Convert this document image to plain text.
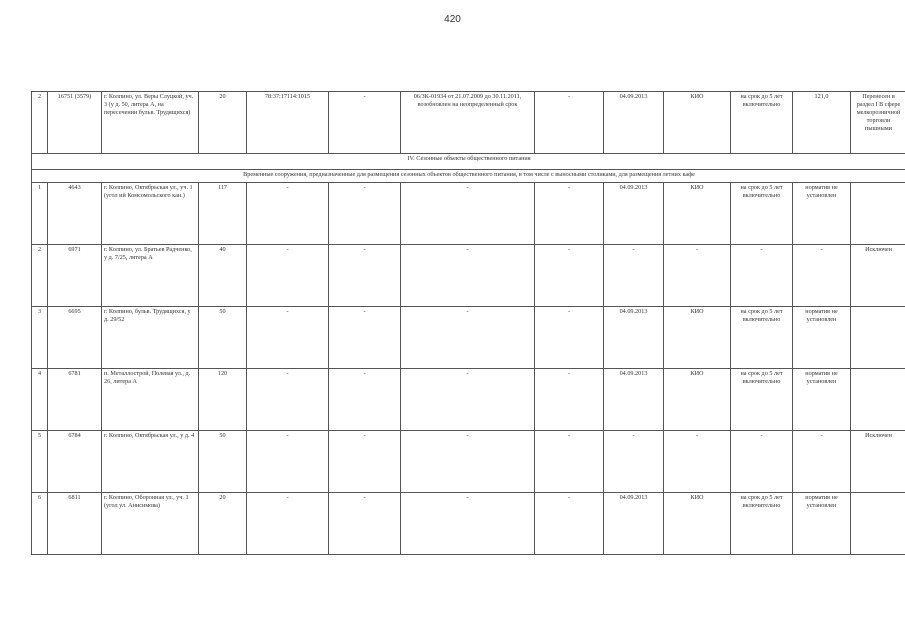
420
2	16751 (3579)	г. Колпино, ул. Веры Слуцкой, уч. 3 (у д. 50, литера А, на пересечении бульв. Трудящихся)	20	78:37:17114:1015	-	06/ЗК-01934 от 21.07.2009 до 30.11.2011, возобновлен на неопределенный срок	-	04.09.2013	КИО	на срок до 5 лет включительно	121,0	Перенесен в раздел I В сфере мелкорозничной торговли пышными
IV. Сезонные объекты общественного питания												
Временные сооружения, предназначенные для размещения сезонных объектов общественного питания, в том числе с выносными столиками, для размещения летних кафе												
1	4643	г. Колпино, Октябрьская ул., уч. 1 (угол ий Комсомольского кан.)	117	-	-	-	-	04.09.2013	КИО	на срок до 5 лет включительно	норматив не установлен	
2	6971	г. Колпино, ул. Братьев Радченко, у д. 7/25, литера А	40	-	-	-	-	-	-	-	-	Исключен
3	6695	г. Колпино, бульв. Трудящихся, у д. 29/52	50	-	-	-	-	04.09.2013	КИО	на срок до 5 лет включительно	норматив не установлен	
4	6781	п. Металлострой, Полевая ул., д. 26, литера А	120	-	-	-	-	04.09.2013	КИО	на срок до 5 лет включительно	норматив не установлен	
5	6784	г. Колпино, Октябрьская ул., у д. 4	50	-	-	-	-	-	-	-	-	Исключен
6	6811	г. Колпино, Оборонная ул., уч. 1 (угол ул. Анисимова)	20	-	-	-	-	04.09.2013	КИО	на срок до 5 лет включительно	норматив не установлен	
